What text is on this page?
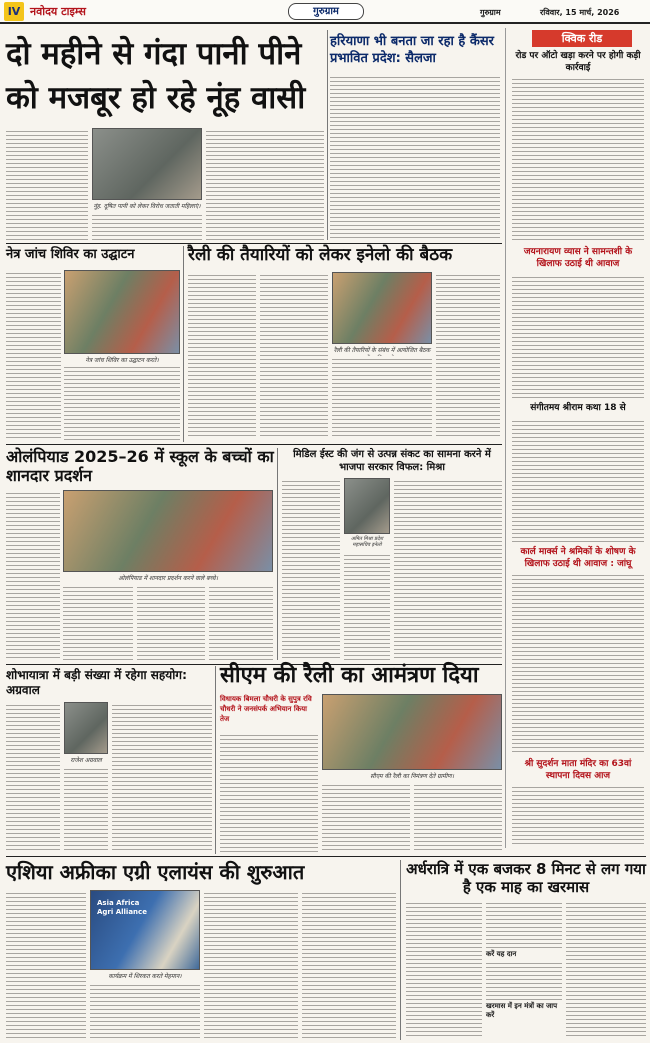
IV नवोदय टाइम्स	गुरुग्राम	गुरुग्राम	रविवार, 15 मार्च, 2026
दो महीने से गंदा पानी पीने को मजबूर हो रहे नूंह वासी
नूंह. दूषित पानी को लेकर विरोध जताती महिलाएं।
हरियाणा भी बनता जा रहा है कैंसर प्रभावित प्रदेश: सैलजा
क्विक रीड
रोड पर ऑटो खड़ा करने पर होगी कड़ी कार्रवाई
जयनारायण व्यास ने सामन्तशी के खिलाफ उठाई थी आवाज
संगीतमय श्रीराम कथा 18 से
कार्ल मार्क्स ने श्रमिकों के शोषण के खिलाफ उठाई थी आवाज : जांघू
श्री सुदर्शन माता मंदिर का 63वां स्थापना दिवस आज
नेत्र जांच शिविर का उद्घाटन
नेत्र जांच शिविर का उद्घाटन करते।
रैली की तैयारियों को लेकर इनेलो की बैठक
रैली की तैयारियों के संबंध में आयोजित बैठक
ओलंपियाड 2025–26 में स्कूल के बच्चों का शानदार प्रदर्शन
ओलंपियाड में शानदार प्रदर्शन करने वाले बच्चे।
मिडिल ईस्ट की जंग से उत्पन्न संकट का सामना करने में भाजपा सरकार विफल: मिश्रा
अमित मिश्रा प्रदेश महासचिव इनेलो
शोभायात्रा में बड़ी संख्या में रहेगा सहयोग: अग्रवाल
राजेश अग्रवाल
सीएम की रैली का आमंत्रण दिया
विधायक बिमला चौधरी के सुपुत्र रवि चौधरी ने जनसंपर्क अभियान किया तेज
सीएम की रैली का निमंत्रण देते ग्रामीण।
एशिया अफ्रीका एग्री एलायंस की शुरुआत
Asia Africa Agri Alliance
कार्यक्रम में शिरकत करते मेहमान।
अर्धरात्रि में एक बजकर 8 मिनट से लग गया है एक माह का खरमास
करें यह दान
खरमास में इन मंत्रों का जाप करें
